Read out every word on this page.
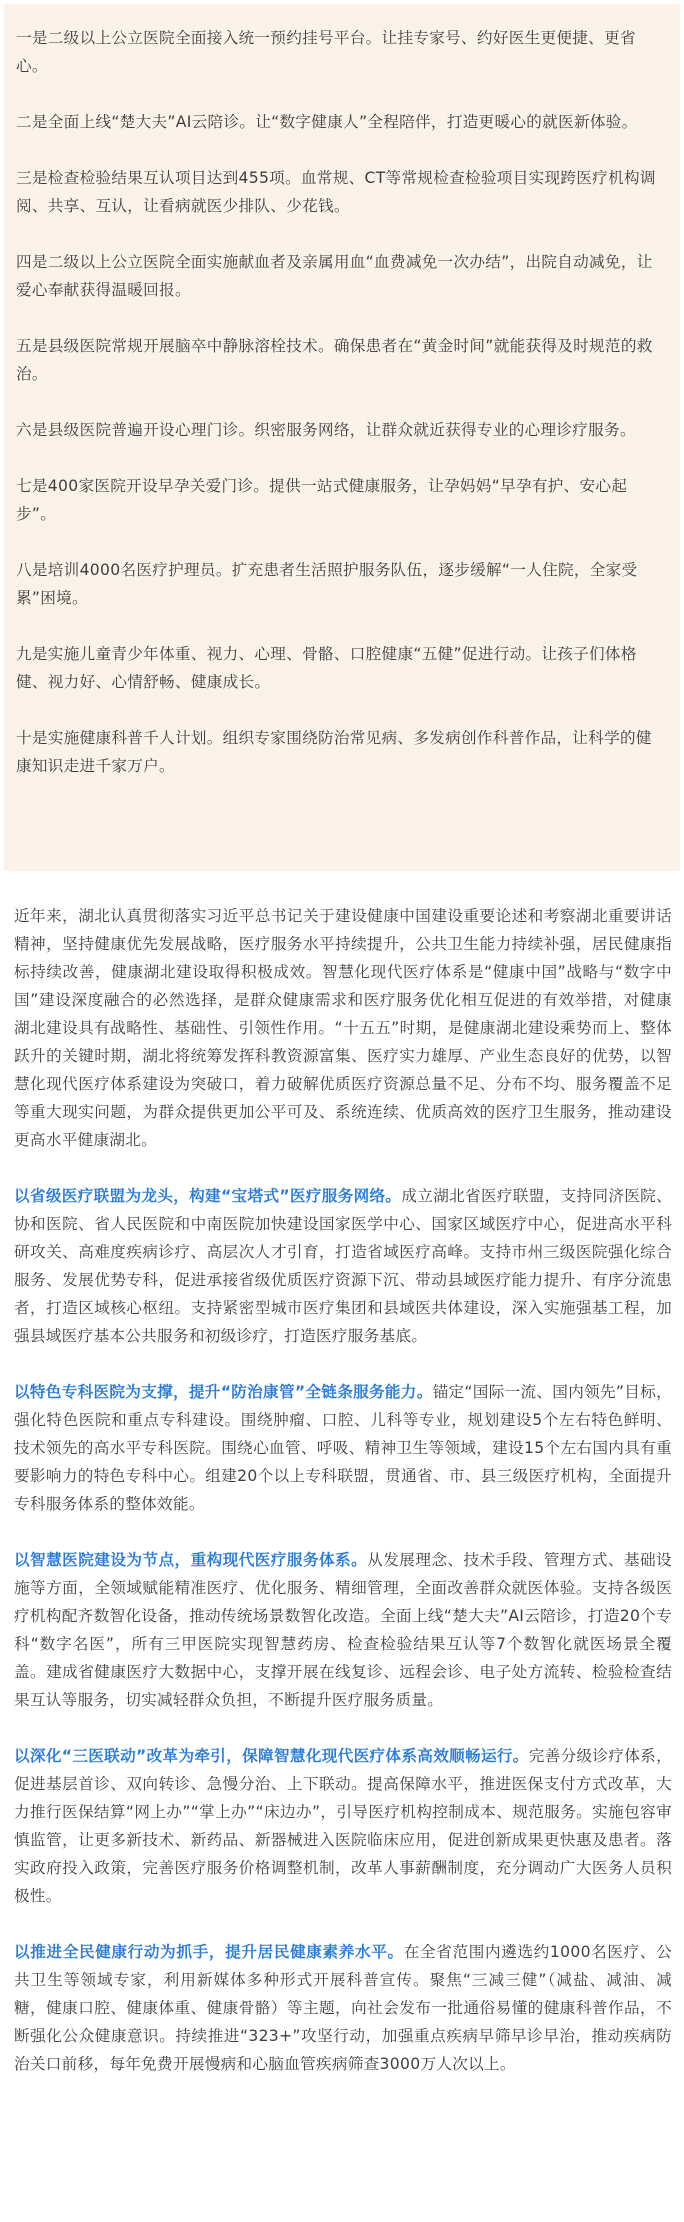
一是二级以上公立医院全面接入统一预约挂号平台。让挂专家号、约好医生更便捷、更省心。

二是全面上线“楚大夫”AI云陪诊。让“数字健康人”全程陪伴，打造更暖心的就医新体验。

三是检查检验结果互认项目达到455项。血常规、CT等常规检查检验项目实现跨医疗机构调阅、共享、互认，让看病就医少排队、少花钱。

四是二级以上公立医院全面实施献血者及亲属用血“血费减免一次办结”，出院自动减免，让爱心奉献获得温暖回报。

五是县级医院常规开展脑卒中静脉溶栓技术。确保患者在“黄金时间”就能获得及时规范的救治。

六是县级医院普遍开设心理门诊。织密服务网络，让群众就近获得专业的心理诊疗服务。

七是400家医院开设早孕关爱门诊。提供一站式健康服务，让孕妈妈“早孕有护、安心起步”。

八是培训4000名医疗护理员。扩充患者生活照护服务队伍，逐步缓解“一人住院，全家受累”困境。

九是实施儿童青少年体重、视力、心理、骨骼、口腔健康“五健”促进行动。让孩子们体格健、视力好、心情舒畅、健康成长。

十是实施健康科普千人计划。组织专家围绕防治常见病、多发病创作科普作品，让科学的健康知识走进千家万户。

近年来，湖北认真贯彻落实习近平总书记关于建设健康中国建设重要论述和考察湖北重要讲话精神，坚持健康优先发展战略，医疗服务水平持续提升，公共卫生能力持续补强，居民健康指标持续改善，健康湖北建设取得积极成效。智慧化现代医疗体系是“健康中国”战略与“数字中国”建设深度融合的必然选择，是群众健康需求和医疗服务优化相互促进的有效举措，对健康湖北建设具有战略性、基础性、引领性作用。“十五五”时期，是健康湖北建设乘势而上、整体跃升的关键时期，湖北将统筹发挥科教资源富集、医疗实力雄厚、产业生态良好的优势，以智慧化现代医疗体系建设为突破口，着力破解优质医疗资源总量不足、分布不均、服务覆盖不足等重大现实问题，为群众提供更加公平可及、系统连续、优质高效的医疗卫生服务，推动建设更高水平健康湖北。

以省级医疗联盟为龙头，构建“宝塔式”医疗服务网络。成立湖北省医疗联盟，支持同济医院、协和医院、省人民医院和中南医院加快建设国家医学中心、国家区域医疗中心，促进高水平科研攻关、高难度疾病诊疗、高层次人才引育，打造省域医疗高峰。支持市州三级医院强化综合服务、发展优势专科，促进承接省级优质医疗资源下沉、带动县域医疗能力提升、有序分流患者，打造区域核心枢纽。支持紧密型城市医疗集团和县域医共体建设，深入实施强基工程，加强县域医疗基本公共服务和初级诊疗，打造医疗服务基底。

以特色专科医院为支撑，提升“防治康管”全链条服务能力。锚定“国际一流、国内领先”目标，强化特色医院和重点专科建设。围绕肿瘤、口腔、儿科等专业，规划建设5个左右特色鲜明、技术领先的高水平专科医院。围绕心血管、呼吸、精神卫生等领域，建设15个左右国内具有重要影响力的特色专科中心。组建20个以上专科联盟，贯通省、市、县三级医疗机构，全面提升专科服务体系的整体效能。

以智慧医院建设为节点，重构现代医疗服务体系。从发展理念、技术手段、管理方式、基础设施等方面，全领域赋能精准医疗、优化服务、精细管理，全面改善群众就医体验。支持各级医疗机构配齐数智化设备，推动传统场景数智化改造。全面上线“楚大夫”AI云陪诊，打造20个专科“数字名医”，所有三甲医院实现智慧药房、检查检验结果互认等7个数智化就医场景全覆盖。建成省健康医疗大数据中心，支撑开展在线复诊、远程会诊、电子处方流转、检验检查结果互认等服务，切实减轻群众负担，不断提升医疗服务质量。

以深化“三医联动”改革为牵引，保障智慧化现代医疗体系高效顺畅运行。完善分级诊疗体系，促进基层首诊、双向转诊、急慢分治、上下联动。提高保障水平，推进医保支付方式改革，大力推行医保结算“网上办”“掌上办”“床边办”，引导医疗机构控制成本、规范服务。实施包容审慎监管，让更多新技术、新药品、新器械进入医院临床应用，促进创新成果更快惠及患者。落实政府投入政策，完善医疗服务价格调整机制，改革人事薪酬制度，充分调动广大医务人员积极性。

以推进全民健康行动为抓手，提升居民健康素养水平。在全省范围内遴选约1000名医疗、公共卫生等领域专家，利用新媒体多种形式开展科普宣传。聚焦“三减三健”（减盐、减油、减糖，健康口腔、健康体重、健康骨骼）等主题，向社会发布一批通俗易懂的健康科普作品，不断强化公众健康意识。持续推进“323+”攻坚行动，加强重点疾病早筛早诊早治，推动疾病防治关口前移，每年免费开展慢病和心脑血管疾病筛查3000万人次以上。
